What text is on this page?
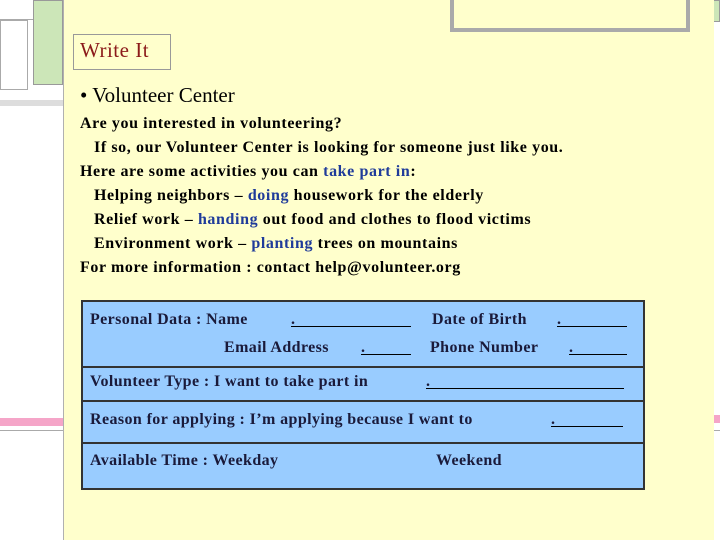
Write It
• Volunteer Center
Are you interested in volunteering?
If so, our Volunteer Center is looking for someone just like you.
Here are some activities you can take part in:
Helping neighbors – doing housework for the elderly
Relief work – handing out food and clothes to flood victims
Environment work – planting trees on mountains
For more information : contact help@volunteer.org
Personal Data : Name	.	Date of Birth .
Email Address .	Phone Number .
Volunteer Type : I want to take part in	.
Reason for applying : I’m applying because I want to	.
Available Time : Weekday	Weekend
